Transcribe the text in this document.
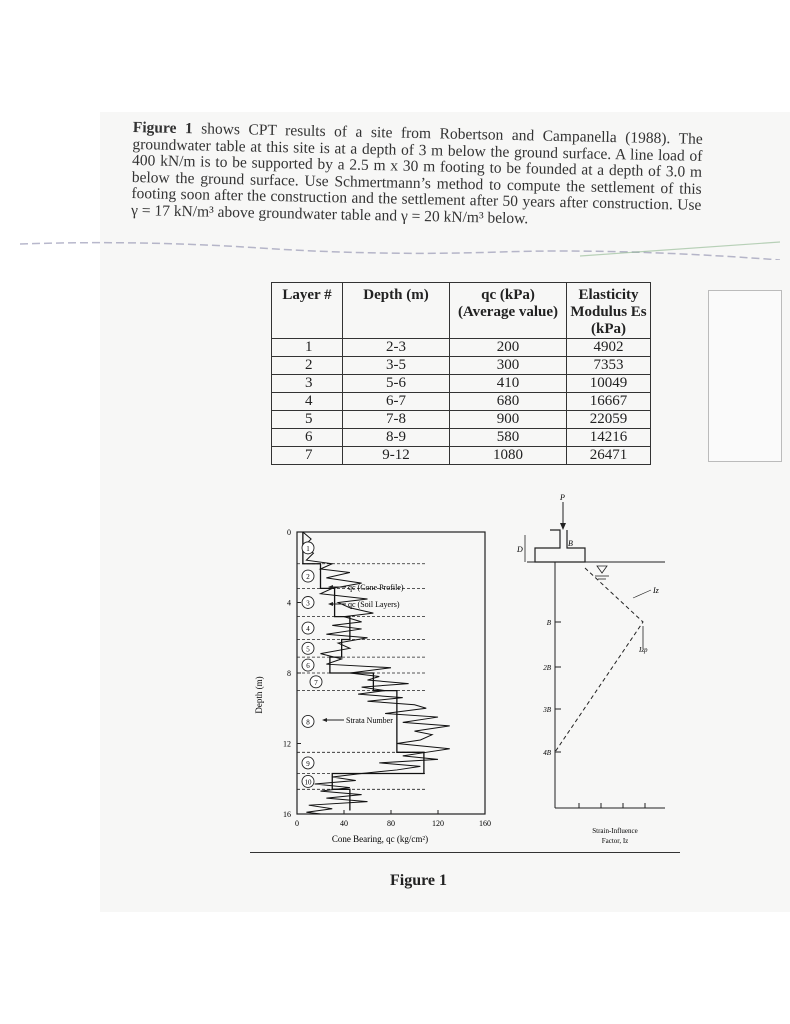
Figure 1 shows CPT results of a site from Robertson and Campanella (1988). The groundwater table at this site is at a depth of 3 m below the ground surface. A line load of 400 kN/m is to be supported by a 2.5 m x 30 m footing to be founded at a depth of 3.0 m below the ground surface. Use Schmertmann’s method to compute the settlement of this footing soon after the construction and the settlement after 50 years after construction. Use γ = 17 kN/m³ above groundwater table and γ = 20 kN/m³ below.
Layer #	Depth (m)	qc (kPa) (Average value)	Elasticity Modulus Es (kPa)
1	2-3	200	4902
2	3-5	300	7353
3	5-6	410	10049
4	6-7	680	16667
5	7-8	900	22059
6	8-9	580	14216
7	9-12	1080	26471
0	40	80	120	160
0
4
8
12
16
1
2
3
4
5
6
7
8
9
10
Depth (m)
Cone Bearing, qc (kg/cm²)
qc (Cone Profile)
qc (Soil Layers)
Strata Number
P
D
B
B
2B
3B
4B
Iz
Izp
Strain-Influence
Factor, Iz
Figure 1
